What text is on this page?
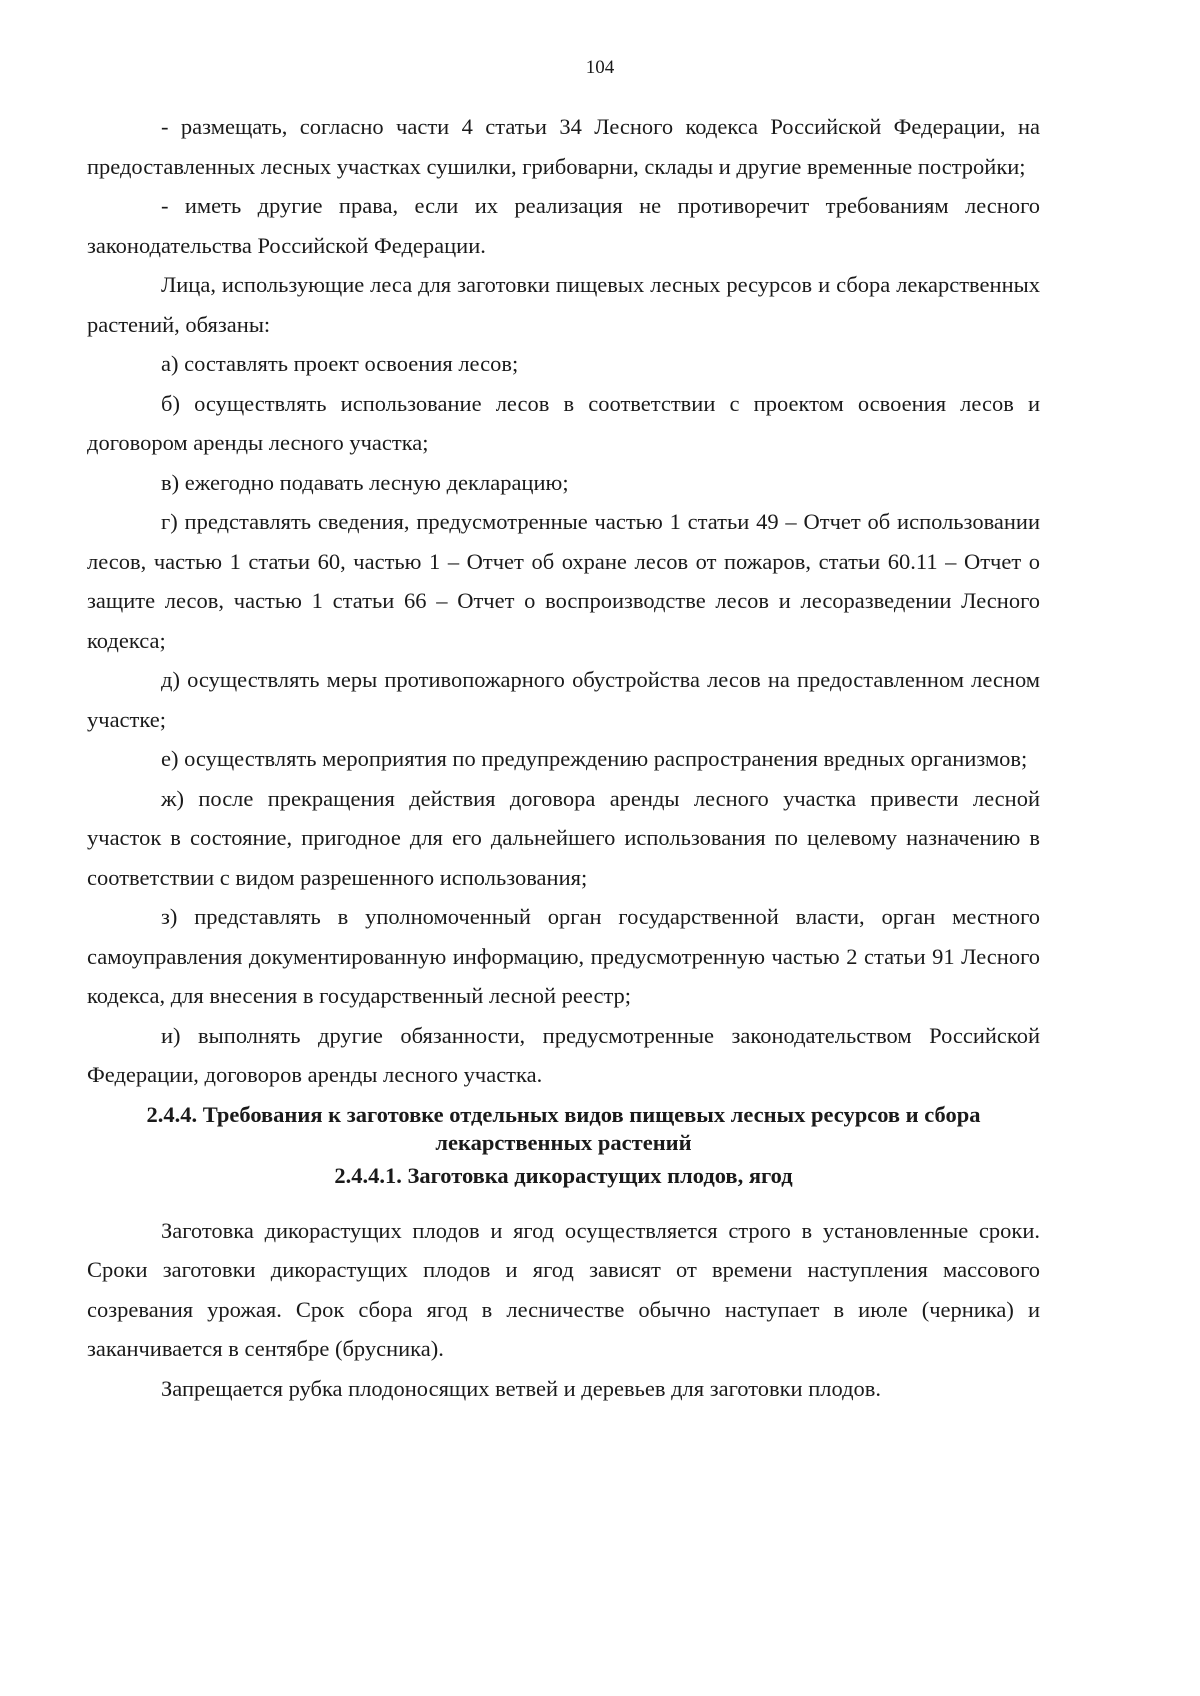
104

- размещать, согласно части 4 статьи 34 Лесного кодекса Российской Федерации, на предоставленных лесных участках сушилки, грибоварни, склады и другие временные постройки;

- иметь другие права, если их реализация не противоречит требованиям лесного законодательства Российской Федерации.

Лица, использующие леса для заготовки пищевых лесных ресурсов и сбора лекарственных растений, обязаны:

а) составлять проект освоения лесов;

б) осуществлять использование лесов в соответствии с проектом освоения лесов и договором аренды лесного участка;

в) ежегодно подавать лесную декларацию;

г) представлять сведения, предусмотренные частью 1 статьи 49 – Отчет об использовании лесов, частью 1 статьи 60, частью 1 – Отчет об охране лесов от пожаров, статьи 60.11 – Отчет о защите лесов, частью 1 статьи 66 – Отчет о воспроизводстве лесов и лесоразведении Лесного кодекса;

д) осуществлять меры противопожарного обустройства лесов на предоставленном лесном участке;

е) осуществлять мероприятия по предупреждению распространения вредных организмов;

ж) после прекращения действия договора аренды лесного участка привести лесной участок в состояние, пригодное для его дальнейшего использования по целевому назначению в соответствии с видом разрешенного использования;

з) представлять в уполномоченный орган государственной власти, орган местного самоуправления документированную информацию, предусмотренную частью 2 статьи 91 Лесного кодекса, для внесения в государственный лесной реестр;

и) выполнять другие обязанности, предусмотренные законодательством Российской Федерации, договоров аренды лесного участка.

2.4.4. Требования к заготовке отдельных видов пищевых лесных ресурсов и сбора лекарственных растений

2.4.4.1. Заготовка дикорастущих плодов, ягод

Заготовка дикорастущих плодов и ягод осуществляется строго в установленные сроки. Сроки заготовки дикорастущих плодов и ягод зависят от времени наступления массового созревания урожая. Срок сбора ягод в лесничестве обычно наступает в июле (черника) и заканчивается в сентябре (брусника).

Запрещается рубка плодоносящих ветвей и деревьев для заготовки плодов.
